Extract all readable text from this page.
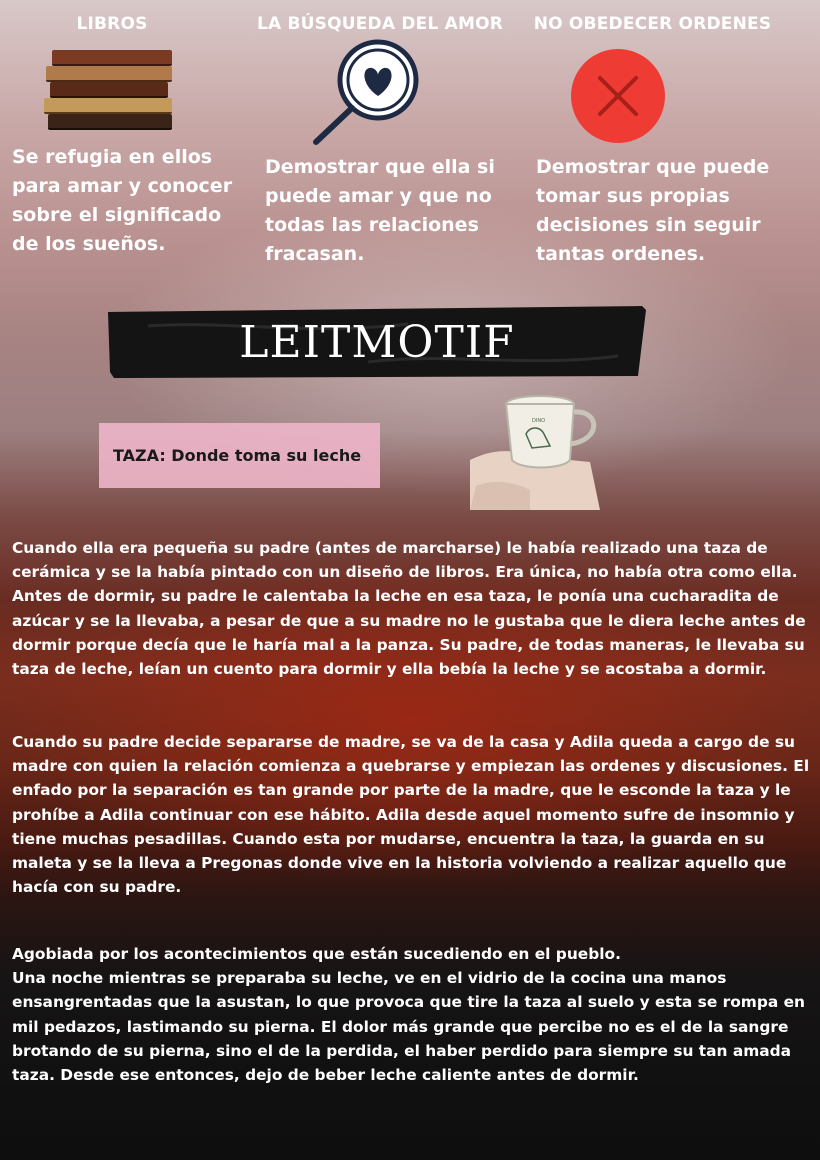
LIBROS	LA BÚSQUEDA DEL AMOR NO OBEDECER ORDENES
Se refugia en ellos para amar y conocer sobre el significado de los sueños.
Demostrar que ella si puede amar y que no todas las relaciones fracasan.
Demostrar que puede tomar sus propias decisiones sin seguir tantas ordenes.
LEITMOTIF
TAZA: Donde toma su leche
DINO

Cuando ella era pequeña su padre (antes de marcharse) le había realizado una taza de cerámica y se la había pintado con un diseño de libros. Era única, no había otra como ella. Antes de dormir, su padre le calentaba la leche en esa taza, le ponía una cucharadita de azúcar y se la llevaba, a pesar de que a su madre no le gustaba que le diera leche antes de dormir porque decía que le haría mal a la panza. Su padre, de todas maneras, le llevaba su taza de leche, leían un cuento para dormir y ella bebía la leche y se acostaba a dormir.

Cuando su padre decide separarse de madre, se va de la casa y Adila queda a cargo de su madre con quien la relación comienza a quebrarse y empiezan las ordenes y discusiones. El enfado por la separación es tan grande por parte de la madre, que le esconde la taza y le prohíbe a Adila continuar con ese hábito. Adila desde aquel momento sufre de insomnio y tiene muchas pesadillas. Cuando esta por mudarse, encuentra la taza, la guarda en su maleta y se la lleva a Pregonas donde vive en la historia volviendo a realizar aquello que hacía con su padre.

Agobiada por los acontecimientos que están sucediendo en el pueblo.
Una noche mientras se preparaba su leche, ve en el vidrio de la cocina una manos ensangrentadas que la asustan, lo que provoca que tire la taza al suelo y esta se rompa en mil pedazos, lastimando su pierna. El dolor más grande que percibe no es el de la sangre brotando de su pierna, sino el de la perdida, el haber perdido para siempre su tan amada taza. Desde ese entonces, dejo de beber leche caliente antes de dormir.
